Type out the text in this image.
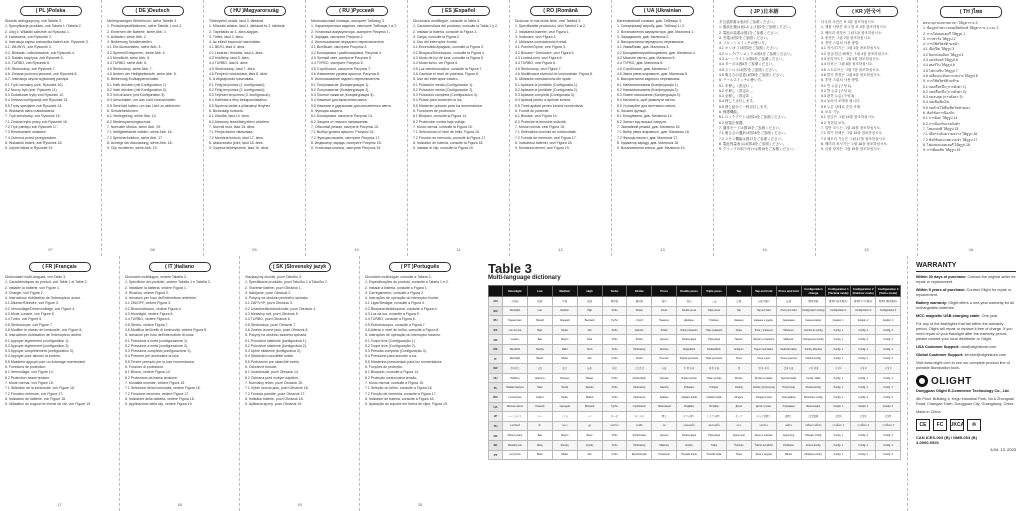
( PL )Polska
Słownik wielojęzyczny, zob Tabela 3.
1. Specyfikacje produktu, zob Tabela 1 i Tabela 2.
2. Użyj 4. Wkładki zależnie od Rysunku 1.
3. Ładowanie, zob Rysunek 2.
4. Instrukcja zapisu wskaźnika baterii zob. Rysunek 3.
4.1. WŁ/WYŁ, zob Rysunek 3.
4.2. Blokada / odblokowanie, zob Rysunek 4.
4.3. Światło księżyca, zob Rysunek 5.
4.4. TURBO, zob Rysunek 6.
4.5. Stroboskop, zob Rysunek 7.
4.6. Zmiana poziomu jasności, zob Rysunek 8.
4.7. Instrukcja użycia wyjściowej pamięci.
5.1 Tryb normalny (zob. Rysunek 10).
5.2 Nocny tryb (zob. Rysunek 11).
5.3 Dodatkowe tryby zob Rysunek 12.
5.4 Zmiana konfiguracji zob Rysunek 13.
5.5 Tryby specjalne zob Rysunek 14.
6. Wskaźnik stanu naładowania.
7. Tryb serwisowy, zob Rysunek 15.
7.1 Zmiana trybu pracy zob Rysunek 16.
7.2 Tryb pamięci zob Rysunek 17.
7.3 Resetowanie ustawień.
7.4 Ochrona przed przegrzaniem.
8. Wskaźnik baterii, zob Rysunek 18.
9. Użycie klipsa w Rysunek 19.
07
( DE )Deutsch
Mehrsprachiges Wörterbuch, siehe Tabelle 3.
1. Produktspezifikationen, siehe Tabelle 1 und 2.
2. Einlernen der Batterie, siehe Abb. 1.
3. Aufladen, siehe Abb. 2.
4. Bedienung Schalterstellen.
4.1 Ein-/Ausschalten, siehe Abb. 3.
4.2 Sperren/Entsperren, siehe Abb. 4.
4.3 Mondlicht, siehe Abb. 5.
4.4 TURBO, siehe Abb. 6.
4.5 Stroboskop, siehe Abb. 7.
4.6 Ändern der Helligkeitsstufe, siehe Abb. 8.
5. Bedienung Endkappenschalter.
5.1 Halb drücken (mit Konfiguration 1).
5.2 Halb drücken (mit Konfiguration 2).
5.3 Voll drücken (mit Konfiguration 3).
5.4 Umschalten, um das Licht einzuschalten.
5.5 Gedrückt halten, um das Licht zu aktivieren.
6. Schutzfunktionen.
6.1 Verriegelung, siehe Abb. 14.
6.2 Niederspannungsschutz.
7. Normaler Modus, siehe Abb. 15.
7.1 Helligkeitsstufe wählen, siehe Abb. 16.
7.2 Speicherfunktion, siehe Abb. 17.
8. Anzeige der Akkuladung, siehe Abb. 18.
9. Clip montieren, siehe Abb. 19.
08
( HU )Magyarország
Többnyelvű szótár, lásd 3. táblázat.
1. Műszaki adatok, lásd 1. táblázat és 2. táblázat.
2. Tápellátás az 1. ábra alapján.
3. Töltés, lásd 2. ábra.
4. Az elülső kapcsoló használata.
4.1 BE/KI, lásd 3. ábra.
4.2 Lezárás / feloldás, lásd 4. ábra.
4.3 Holdfény, lásd 5. ábra.
4.4 TURBÓ, lásd 6. ábra.
4.5 Stroboszkóp, lásd 7. ábra.
4.6 Fényerő módosítása, lásd 8. ábra.
5. A végkapcsoló használata.
5.1 Félig lenyomva (1. konfiguráció).
5.2 Félig lenyomva (2. konfiguráció).
5.3 Teljesen lenyomva (3. konfiguráció).
5.4 Kattintás a fény bekapcsolásához.
5.5 Nyomva tartás a pillanatnyi fényhez.
6. Biztonsági funkciók.
6.1 Zárolás, lásd 14. ábra.
6.2 Alacsony feszültség elleni védelem.
7. Normál mód, lásd 15. ábra.
7.1 Fényerőszint választása.
7.2 Memória funkció, lásd 17. ábra.
8. Akkumulátor jelző, lásd 18. ábra.
9. Csipesz felhelyezése, lásd 19. ábra.
09
( RU )Русский
Многоязычный словарь, смотрите Таблицу 3.
1. Характеристики изделия, смотрите Таблицы 1 и 2.
2. Установка аккумулятора, смотрите Рисунок 1.
3. Зарядка, смотрите Рисунок 2.
4. Использование переднего переключателя.
4.1 Вкл/Выкл, смотрите Рисунок 3.
4.2 Блокировка / разблокировка, Рисунок 4.
4.3 Лунный свет, смотрите Рисунок 5.
4.4 ТУРБО, смотрите Рисунок 6.
4.5 Стробоскоп, смотрите Рисунок 7.
4.6 Изменение уровня яркости, Рисунок 8.
5. Использование заднего переключателя.
5.1 Полунажатие (Конфигурация 1).
5.2 Полунажатие (Конфигурация 2).
5.3 Полное нажатие (Конфигурация 3).
5.4 Нажатие для включения света.
5.5 Нажатие и удержание для мгновенного света.
6. Функции защиты.
6.1 Блокировка, смотрите Рисунок 14.
6.2 Защита от низкого напряжения.
7. Обычный режим, смотрите Рисунок 15.
7.1 Выбор уровня яркости, Рисунок 16.
7.2 Функция памяти, смотрите Рисунок 17.
8. Индикатор заряда, смотрите Рисунок 18.
9. Установка клипсы, смотрите Рисунок 19.
10
( ES )Español
Diccionario multilingüe, consulte la Tabla 3.
1. Características del producto, consulte la Tabla 1 y 2.
2. Instalar la batería, consulte la Figura 1.
3. Carga, consulte la Figura 2.
4. Uso del interruptor frontal.
4.1 Encendido/Apagado, consulte la Figura 3.
4.2 Bloqueo/Desbloqueo, consulte la Figura 4.
4.3 Modo de luz de luna, consulte la Figura 5.
4.4 Modo turbo, ver Figura 6.
4.5 Luz estroboscópica, consulte la Figura 7.
4.6 Cambiar el nivel de potencia, Figura 8.
5. Uso del interruptor trasero.
5.1 Pulsación media (Configuración 1).
5.2 Pulsación media (Configuración 2).
5.3 Pulsación completa (Configuración 3).
5.4 Pulsar para encender la luz.
5.5 Mantener pulsado para luz momentánea.
6. Funciones de protección.
6.1 Bloqueo, consulte la Figura 14.
6.2 Protección contra bajo voltaje.
7. Modo normal, consulte la Figura 15.
7.1 Seleccionar el nivel de brillo, Figura 16.
7.2 Función de memoria, consulte la Figura 17.
8. Indicador de batería, consulte la Figura 18.
9. Instalar el clip, consulte la Figura 19.
11
( RO )Română
Dicționar în mai multe limbi, vezi Tabelul 3.
1. Specificațiile produsului, vezi Tabelul 1 și 2.
2. Instalarea bateriei, vezi Figura 1.
3. Încărcare, vezi Figura 2.
4. Utilizarea comutatorului frontal.
4.1 Pornire/Oprire, vezi Figura 3.
4.2 Blocare / Deblocare, vezi Figura 4.
4.3 Lumina lunii, vezi Figura 5.
4.4 TURBO, vezi Figura 6.
4.5 Stroboscop, vezi Figura 7.
4.6 Modificarea nivelului de luminozitate, Figura 8.
5. Utilizarea comutatorului din spate.
5.1 Apăsare la jumătate (Configurația 1).
5.2 Apăsare la jumătate (Configurația 2).
5.3 Apăsare completă (Configurația 3).
5.4 Apăsați pentru a aprinde lumina.
5.5 Țineți apăsat pentru lumină momentană.
6. Funcții de protecție.
6.1 Blocare, vezi Figura 14.
6.2 Protecție la tensiune scăzută.
7. Modul normal, vezi Figura 15.
7.1 Selectarea nivelului de luminozitate.
7.2 Funcția de memorie, vezi Figura 17.
8. Indicatorul bateriei, vezi Figura 18.
9. Montarea clemei, vezi Figura 19.
12
( UA )Ukrainian
Багатомовний словник, див. Таблицю 3.
1. Специфікації виробу, див. Таблиці 1 і 2.
2. Встановлення акумулятора, див. Малюнок 1.
3. Заряджання, див. Малюнок 2.
4. Використання переднього перемикача.
4.1 Увімк/Вимк, див. Малюнок 3.
4.2 Блокування/розблокування, див. Малюнок 4.
4.3 Місячне світло, див. Малюнок 5.
4.4 ТУРБО, див. Малюнок 6.
4.5 Стробоскоп, див. Малюнок 7.
4.6 Зміна рівня яскравості, див. Малюнок 8.
5. Використання заднього перемикача.
5.1 Напівнатискання (Конфігурація 1).
5.2 Напівнатискання (Конфігурація 2).
5.3 Повне натискання (Конфігурація 3).
5.4 Натисніть, щоб увімкнути світло.
5.5 Утримуйте для миттєвого світла.
6. Захисні функції.
6.1 Блокування, див. Малюнок 14.
6.2 Захист від низької напруги.
7. Звичайний режим, див. Малюнок 15.
7.1 Вибір рівня яскравості, див. Малюнок 16.
7.2 Функція пам'яті, див. Малюнок 17.
8. Індикатор заряду, див. Малюнок 18.
9. Встановлення кліпси, див. Малюнок 19.
13
( JP )日本語
多言語辞書は表3をご参照ください。
1. 製品仕様は表1および表2をご参照ください。
2. 電池の装着は図1をご参照ください。
3. 充電は図2をご参照ください。
4. フロントスイッチの使い方。
4.1 オン/オフは図3をご参照ください。
4.2 ロック/アンロックは図4をご参照ください。
4.3 ムーンライトは図5をご参照ください。
4.4 ターボは図6をご参照ください。
4.5 ストロボは図7をご参照ください。
4.6 明るさの変更は図8をご参照ください。
5. テールスイッチの使い方。
5.1 半押し（設定1）。
5.2 半押し（設定2）。
5.3 全押し（設定3）。
5.4 押して点灯します。
5.5 押し続けて一時点灯します。
6. 保護機能。
6.1 ロックアウトは図14をご参照ください。
6.2 低電圧保護。
7. 通常モードは図15をご参照ください。
7.1 明るさの選択は図16をご参照ください。
7.2 メモリ機能は図17をご参照ください。
8. 電池残量表示は図18をご参照ください。
9. クリップの取り付けは図19をご参照ください。
14
( KR )한국어
다국어 사전은 표 3을 참조하십시오.
1. 제품 사양은 표 1 및 표 2를 참조하십시오.
2. 배터리 장착은 그림 1을 참조하십시오.
3. 충전은 그림 2를 참조하십시오.
4. 전면 스위치 사용 방법.
4.1 켜기/끄기는 그림 3을 참조하십시오.
4.2 잠금/잠금 해제는 그림 4를 참조하십시오.
4.3 문라이트는 그림 5를 참조하십시오.
4.4 터보는 그림 6을 참조하십시오.
4.5 스트로브는 그림 7을 참조하십시오.
4.6 밝기 변경은 그림 8을 참조하십시오.
5. 후면 스위치 사용 방법.
5.1 반 누름 (구성 1).
5.2 반 누름 (구성 2).
5.3 완전 누름 (구성 3).
5.4 눌러서 조명을 켭니다.
5.5 누른 상태로 순간 조명.
6. 보호 기능.
6.1 잠금은 그림 14를 참조하십시오.
6.2 저전압 보호.
7. 일반 모드는 그림 15를 참조하십시오.
7.1 밝기 선택은 그림 16을 참조하십시오.
7.2 메모리 기능은 그림 17을 참조하십시오.
8. 배터리 표시기는 그림 18을 참조하십시오.
9. 클립 장착은 그림 19를 참조하십시오.
15
( TH )ไทย
พจนานุกรมหลายภาษา ให้ดูตาราง 3
1. ข้อมูลจำเพาะของผลิตภัณฑ์ ให้ดูตาราง 1 และ 2
2. การใส่แบตเตอรี่ ให้ดูรูป 1
3. การชาร์จ ให้ดูรูป 2
4. การใช้สวิตช์ด้านหน้า
4.1 เปิด/ปิด ให้ดูรูป 3
4.2 ล็อก/ปลดล็อก ให้ดูรูป 4
4.3 แสงจันทร์ ให้ดูรูป 5
4.4 เทอร์โบ ให้ดูรูป 6
4.5 ไฟกะพริบ ให้ดูรูป 7
4.6 เปลี่ยนระดับความสว่าง ให้ดูรูป 8
5. การใช้สวิตช์ด้านท้าย
5.1 กดครึ่งหนึ่ง (การตั้งค่า 1)
5.2 กดครึ่งหนึ่ง (การตั้งค่า 2)
5.3 กดจนสุด (การตั้งค่า 3)
5.4 กดเพื่อเปิดไฟ
5.5 กดค้างไว้เพื่อเปิดไฟชั่วขณะ
6. ฟังก์ชันการป้องกัน
6.1 การล็อก ให้ดูรูป 14
6.2 การป้องกันแรงดันต่ำ
7. โหมดปกติ ให้ดูรูป 15
7.1 เลือกระดับความสว่าง ให้ดูรูป 16
7.2 ฟังก์ชันหน่วยความจำ ให้ดูรูป 17
8. ไฟแสดงแบตเตอรี่ ให้ดูรูป 18
9. การติดคลิป ให้ดูรูป 19
16
( FR )Français
Dictionnaire multi-langues, voir Table 3.
1. Caractéristiques du produit, voir Table 1 et Table 2.
2. Installer la batterie, voir Figure 1.
3. Charger, voir Figure 2.
4. Instructions d'utilisation de l'interrupteur avant.
4.1 Allumer/Éteindre, voir Figure 3.
4.2 Verrouillage/Déverrouillage, voir Figure 4.
4.3 Mode Lunaire, voir Figure 5.
4.4 Turbo, voir Figure 6.
4.5 Stroboscope, voir Figure 7.
4.6 Modifier le niveau de luminosité, voir Figure 8.
5. Instructions d'utilisation de l'interrupteur arrière.
5.1 Appuyer légèrement (configuration 1).
5.2 Appuyer légèrement (configuration 2).
5.3 Appuyer complètement (configuration 3).
5.4 Appuyer pour allumer la lumière.
5.5 Maintenir appuyé pour un éclairage momentané.
6. Fonctions de protection.
6.1 Verrouillage, voir Figure 14.
6.2 Protection basse tension.
7. Mode normal, voir Figure 15.
7.1 Sélection de la luminosité, voir Figure 16.
7.2 Fonction mémoire, voir Figure 17.
8. Indicateur de batterie, voir Figure 18.
9. Utilisation du support en forme de clé, voir Figure 19.
17
( IT )Italiano
Dizionario multilingue, vedere Tabella 3.
1. Specifiche del prodotto, vedere Tabella 1 e Tabella 2.
2. Installare la batteria, vedere Figura 1.
3. Ricarica, vedere Figura 2.
4. Istruzioni per l'uso dell'interruttore anteriore.
4.1 ON/OFF, vedere Figura 3.
4.2 Blocco/sblocco, vedere Figura 4.
4.3 Moonlight, vedere Figura 5.
4.4 TURBO, vedere Figura 6.
4.5 Strobo, vedere Figura 7.
4.6 Modifica del livello di luminosità, vedere Figura 8.
5. Istruzioni per l'uso dell'interruttore di coda.
5.1 Pressione a metà (configurazione 1).
5.2 Pressione a metà (configurazione 2).
5.3 Pressione completa (configurazione 3).
5.4 Premere per accendere la luce.
5.5 Tenere premuto per la luce momentanea.
6. Funzioni di protezione.
6.1 Blocco, vedere Figura 14.
6.2 Protezione da bassa tensione.
7. Modalità normale, vedere Figura 15.
7.1 Selezione della luminosità, vedere Figura 16.
7.2 Funzione memoria, vedere Figura 17.
8. Indicatore della batteria, vedere Figura 18.
9. Applicazione della clip, vedere Figura 19.
18
( SK )Slovenský jazyk
Viacjazyčný slovník, pozri Tabuľku 3.
1. Špecifikácie produktu, pozri Tabuľku 1 a Tabuľku 2.
2. Vloženie batérie, pozri Obrázok 1.
3. Nabíjanie, pozri Obrázok 2.
4. Pokyny na obsluhu predného spínača.
4.1 ZAP/VYP, pozri Obrázok 3.
4.2 Uzamknutie/odomknutie, pozri Obrázok 4.
4.3 Mesačný svit, pozri Obrázok 5.
4.4 TURBO, pozri Obrázok 6.
4.5 Stroboskop, pozri Obrázok 7.
4.6 Zmena úrovne jasu, pozri Obrázok 8.
5. Pokyny na obsluhu zadného spínača.
5.1 Polovičné stlačenie (konfigurácia 1).
5.2 Polovičné stlačenie (konfigurácia 2).
5.3 Úplné stlačenie (konfigurácia 3).
5.4 Stlačením rozsvietite svetlo.
5.5 Podržaním pre okamžité svetlo.
6. Ochranné funkcie.
6.1 Uzamknutie, pozri Obrázok 14.
6.2 Ochrana pred nízkym napätím.
7. Normálny režim, pozri Obrázok 15.
7.1 Výber úrovne jasu, pozri Obrázok 16.
7.2 Funkcia pamäte, pozri Obrázok 17.
8. Indikátor batérie, pozri Obrázok 18.
9. Aplikácia spony, pozri Obrázok 19.
19
( PT )Português
Dicionário multilíngue, consulte a Tabela 3.
1. Especificações do produto, consulte a Tabela 1 e 2.
2. Instalar a bateria, consulte a Figura 1.
3. Carregamento, consulte a Figura 2.
4. Instruções de operação do interruptor frontal.
4.1 Ligar/Desligar, consulte a Figura 3.
4.2 Bloquear/desbloquear, consulte a Figura 4.
4.3 Luz da lua, consulte a Figura 5.
4.4 TURBO, consulte a Figura 6.
4.5 Estroboscópio, consulte a Figura 7.
4.6 Alterar o nível de brilho, consulte a Figura 8.
5. Instruções de operação do interruptor traseiro.
5.1 Toque leve (Configuração 1).
5.2 Toque leve (Configuração 2).
5.3 Pressão completa (Configuração 3).
5.4 Pressione para acender a luz.
5.5 Mantenha pressionado para luz momentânea.
6. Funções de proteção.
6.1 Bloqueio, consulte a Figura 14.
6.2 Proteção contra baixa tensão.
7. Modo normal, consulte a Figura 15.
7.1 Seleção do brilho, consulte a Figura 16.
7.2 Função de memória, consulte a Figura 17.
8. Indicador de bateria, consulte a Figura 18.
9. Aplicação do suporte em forma de clipe, Figura 19.
20
Table 3
Multi-language dictionary
	Moonlight	Low	Medium	High	Turbo	Strobe	Press	Double press	Triple press	Tap	Tap and hold	Press and hold	Configuration change	Configuration 1 (Tactical mode)	Configuration 2 (Outdoor mode)	Configuration 3 (Turbo mode)
CN	月光档	低档	中档	高档	极亮档	爆闪档	按压	双击	三击	点按	点按并按住	长按	配置切换	配置1 (战术模式)	配置2 (户外模式)	配置3 (极亮模式)
EN	Moonlight	Low	Medium	High	Turbo	Strobe	Press	Double press	Triple press	Tap	Tap and hold	Press and hold	Configuration change	Configuration 1	Configuration 2	Configuration 3
RU	Лунный свет	Низкий	Средний	Высокий	Турбо	Строб	Нажатие	Двойное	Тройное	Касание	Касание и удерж.	Удержание	Смена конфиг.	Конфиг. 1	Конфиг. 2	Конфиг. 3
ES	Luz de luna	Bajo	Medio	Alto	Turbo	Estrobo	Pulsar	Doble pulsación	Triple pulsación	Toque	Tocar y mantener	Mantener	Cambio de config.	Config. 1	Config. 2	Config. 3
FR	Lunaire	Bas	Moyen	Haut	Turbo	Strobo	Appuyer	Double appui	Triple appui	Tapoter	Tapoter et maintenir	Maintenir	Changement config.	Config. 1	Config. 2	Config. 3
DE	Mondlicht	Niedrig	Mittel	Hoch	Turbo	Stroboskop	Drücken	Doppelklick	Dreifachklick	Antippen	Tippen und halten	Gedrückt halten	Konfig.-Wechsel	Konfig. 1	Konfig. 2	Konfig. 3
IT	Moonlight	Basso	Medio	Alto	Turbo	Strobo	Premere	Doppia pressione	Tripla pressione	Tocco	Tocca e tieni	Tenere premuto	Cambio config.	Config. 1	Config. 2	Config. 3
KR	문라이트	낮음	중간	높음	터보	스트로브	누름	두 번 누름	세 번 누름	탭	탭 후 유지	길게 누름	구성 변경	구성 1	구성 2	구성 3
HU	Holdfény	Alacsony	Közepes	Magas	Turbó	Stroboszkóp	Nyomás	Dupla nyomás	Tripla nyomás	Érintés	Érintés és tartás	Nyomva tartás	Konfig. váltás	Konfig. 1	Konfig. 2	Konfig. 3
PL	Światło księżyca	Niski	Średni	Wysoki	Turbo	Stroboskop	Naciśnij	Podwójne	Potrójne	Dotknij	Dotknij i przytrzymaj	Przytrzymaj	Zmiana konfig.	Konfig. 1	Konfig. 2	Konfig. 3
RO	Lumina lunii	Scăzut	Mediu	Ridicat	Turbo	Stroboscop	Apăsare	Apăsare dublă	Apăsare triplă	Atingere	Atingeți și țineți	Țineți apăsat	Schimbare config.	Config. 1	Config. 2	Config. 3
UA	Місячне світло	Низький	Середній	Високий	Турбо	Стробоскоп	Натискання	Подвійне	Потрійне	Дотик	Дотик і утрим.	Утримання	Зміна конфіг.	Конфіг. 1	Конфіг. 2	Конфіг. 3
JP	ムーンライト	ロー	ミドル	ハイ	ターボ	ストロボ	押す	ダブル押し	トリプル押し	タップ	タップ長押し	長押し	設定変更	設定1	設定2	設定3
TH	แสงจันทร์	ต่ำ	กลาง	สูง	เทอร์โบ	กะพริบ	กด	กดสองครั้ง	กดสามครั้ง	แตะ	แตะค้าง	กดค้าง	เปลี่ยนการตั้งค่า	การตั้งค่า 1	การตั้งค่า 2	การตั้งค่า 3
FR	Mode Lunaire	Bas	Moyen	Élevé	Turbo	Stroboscope	Appuyer	Double appui	Triple appui	Appui court	Appui et maintien	Appui long	Changer config.	Config. 1	Config. 2	Config. 3
SK	Mesačný svit	Nízky	Stredný	Vysoký	Turbo	Stroboskop	Stlačenie	Dvojité	Trojité	Ťuknutie	Ťuknúť a podržať	Podržanie	Zmena konfig.	Konfig. 1	Konfig. 2	Konfig. 3
PT	Luz da lua	Baixo	Médio	Alto	Turbo	Estroboscópio	Pressionar	Pressão dupla	Pressão tripla	Toque	Tocar e segurar	Manter	Mudança config.	Config. 1	Config. 2	Config. 3
WARRANTY

Within 30 days of purchase: Contact the original seller for repair or replacement.

Within 5 years of purchase: Contact Olight for repair or replacement.

Battery warranty: Olight offers a one-year warranty for all rechargeable batteries.

MCC magnetic USB charging cable: One year.

For any of the flashlights that fail within the warranty period, Olight will repair or replace it free of charge. If you need repair of your flashlight after the warranty period, please contact your local distributor or Olight.

USA Customer Support: usa@olightstore.com

Global Customer Support: service@olightstore.com

Visit www.olight.com to see our complete product line of portable illumination tools.

OLIGHT

Dongguan Olight E-Commerce Technology Co., Ltd.

4th Floor, Building 4, Kegu Industrial Park, No.6 Zhongnan Road, Changan Town, Dongguan City, Guangdong, China

Made in China

CE	FC	UKCA	♲
CAN ICES-003 (B) / NMB-003 (B)
3-0000-0526
A 04. 13. 2023
